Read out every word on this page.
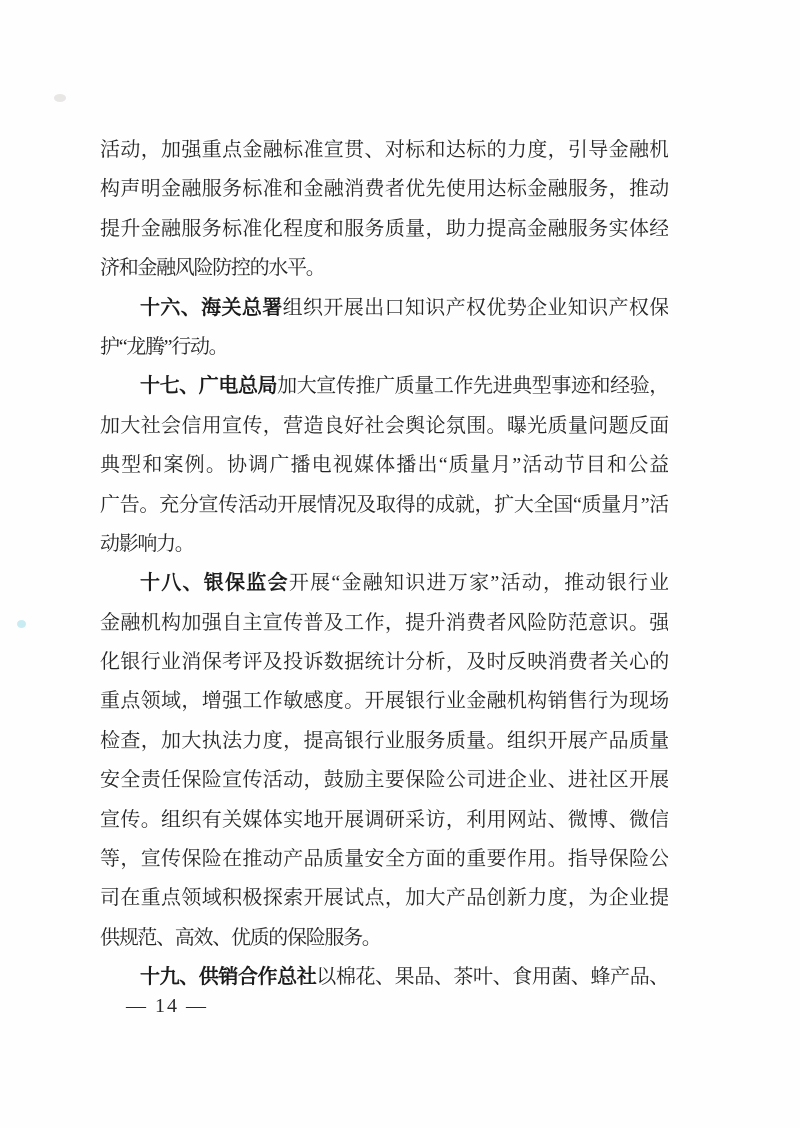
活动，加强重点金融标准宣贯、对标和达标的力度，引导金融机
构声明金融服务标准和金融消费者优先使用达标金融服务，推动
提升金融服务标准化程度和服务质量，助力提高金融服务实体经
济和金融风险防控的水平。
十六、海关总署组织开展出口知识产权优势企业知识产权保
护“龙腾”行动。
十七、广电总局加大宣传推广质量工作先进典型事迹和经验，
加大社会信用宣传，营造良好社会舆论氛围。曝光质量问题反面
典型和案例。协调广播电视媒体播出“质量月”活动节目和公益
广告。充分宣传活动开展情况及取得的成就，扩大全国“质量月”活
动影响力。
十八、银保监会开展“金融知识进万家”活动，推动银行业
金融机构加强自主宣传普及工作，提升消费者风险防范意识。强
化银行业消保考评及投诉数据统计分析，及时反映消费者关心的
重点领域，增强工作敏感度。开展银行业金融机构销售行为现场
检查，加大执法力度，提高银行业服务质量。组织开展产品质量
安全责任保险宣传活动，鼓励主要保险公司进企业、进社区开展
宣传。组织有关媒体实地开展调研采访，利用网站、微博、微信
等，宣传保险在推动产品质量安全方面的重要作用。指导保险公
司在重点领域积极探索开展试点，加大产品创新力度，为企业提
供规范、高效、优质的保险服务。
十九、供销合作总社以棉花、果品、茶叶、食用菌、蜂产品、
— 14 —
